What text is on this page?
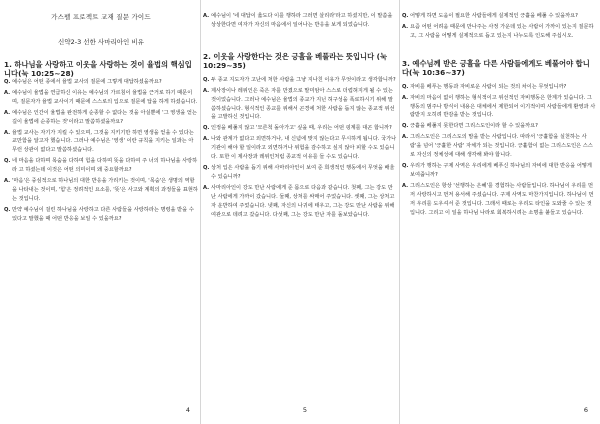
가스펠 프로젝트 교재 질문 가이드
신약2-3 선한 사마리아인 비유
1. 하나님을 사랑하고 이웃을 사랑하는 것이 율법의 핵심입니다(눅 10:25~28)

Q. 예수님은 어떤 종에서 율법 교사의 질문에 그렇게 대답하셨을까요?

A. 예수님이 율법을 연급하신 이유는 예수님의 가르침이 율법을 근거로 하기 때문이며, 질문자가 율법 교사이기 때문에 스스로의 입으로 질문에 답을 하게 하셨습니다.

A. 예수님은 인간이 율법을 완전하게 순종할 수 없다는 것을 아실뿐에 '그 영생을 얻는 길이 율법에 순종하는 것'이라고 말씀하셨을까요?

A. 율법 교사는 자기가 지킬 수 있으며, 그것을 지키기만 하면 영생을 얻을 수 있다는 교만함을 알고자 했습니다. 그러나 예수님은 '영생' 이란 규칙을 지키는 일과는 아무런 상관이 없다고 말씀하셨습니다.

Q. 네 마음을 다하며 목숨을 다하며 힘을 다하며 뜻을 다하여 주 너의 하나님을 사랑하라 고 하셨는데 이것은 어떤 의미이며 왜 중요할까요?

A. '마음'은 중심적으로 하나님의 대한 반응을 가리키는 것이며, '목숨'은 생명의 역할을 나타내는 것이며, '힘'은 정려적인 요소를, '뜻'은 사고와 계획의 과정들을 표현하는 것입니다.

Q. 만약 예수님이 걸린 하나님을 사랑하고 다른 사람들을 사랑하라는 명령을 받을 수 있다고 말했을 때 어떤 반응을 보일 수 있을까요?

4

A. 예수님이 '네 대답이 옳도다 이를 행하라 그러면 살리라'라고 하셨지만, 이 말씀을 상상한다면 여자가 자신의 마음에서 일어나는 반응을 보게 되었습니다.

2. 이웃을 사랑한다는 것은 긍휼을 베풀라는 뜻입니다 (눅 10:29~35)

Q. 두 종교 지도자가 고난에 처한 사람을 그냥 지나친 이유가 무엇이라고 생각합니까?

A. 제사장이나 레위인은 죽은 자를 만졌으로 말미암아 스스로 더럽혀지게 될 수 있는 것이었습니다. 그러나 예수님은 율법의 종교가 지닌 허구성을 폭로하시기 위해 말씀하셨습니다. 형식적인 종교를 위해서 곤경에 처한 사람을 돕지 않는 종교적 위선을 고발하신 것입니다.

Q. 인정을 베풀지 않고 '모른척 돌아가고' 싶을 때, 우리는 어떤 핑계를 대곤 합니까?

A. 나와 관계가 없다고 외면하거나, 내 신념에 맞지 않는다고 무시하게 됩니다. 국가나 기관이 해야 할 일이라고 외면하거나 위험을 감수하고 싶지 않아 피할 수도 있습니다. 또한 이 제사장과 레위인처럼 종교적 이유를 들 수도 있습니다.

Q. 상처 입은 사람을 돕기 위해 사마리아인이 보여 준 희생적인 행동에서 무엇을 배울 수 있습니까?

A. 사마리아인이 강도 만난 사람에게 준 몸으로 다음과 같습니다. 첫째, 그는 강도 만난 사람에게 가까이 갔습니다. 둘째, 상처를 싸매어 주었습니다. 셋째, 그는 상처고자 운반하여 주었습니다. 넷째, 자신의 나귀에 태우고, 그는 강도 만난 사람을 위해 여관으로 데려고 갔습니다. 다섯째, 그는 강도 만난 자를 돌보았습니다.

5

Q. 어떻게 하면 도움이 필요한 사람들에게 실제적인 긍휼을 베풀 수 있을까요?

A. 요즘 어떤 어려움 때문에 만나주는 사정 가운데 있는 사람이 가까이 있는지 질문하고, 그 사람을 어떻게 실제적으로 돕고 있는지 나누도록 인도해 주십시오.

3. 예수님께 받은 긍휼을 다른 사람들에게도 베풀어야 합니다(눅 10:36~37)

Q. 자비를 베푸는 행동과 자비로운 사람이 되는 것의 차이는 무엇입니까?

A. 자비의 마음이 없이 행하는 형식적이고 위선적인 자비행동은 한계가 있습니다. 그 행동의 범주나 방식이 내용은 대체에서 제한되어 이기적이며 사람들에게 환영과 사람받지 오히려 반감을 받는 것입니다.

Q. 긍휼을 베풀지 못한다면 그리스도인이라 할 수 있을까요?

A. 그리스도인은 그리스도의 맘을 받는 사람입니다. 따라서 '긍휼함을 실천하는 사람'을 넘어 '긍휼한 사람' 자체가 되는 것입니다. 긍휼함이 없는 그리스도인은 스스로 자신의 정체성에 대해 생각해 봐야 합니다.

Q. 우리가 행하는 구제 사역은 우리에게 베푸신 하나님의 자비에 대한 반응을 어떻게 보여줍니까?

A. 그리스도인은 항상 '선행하는 은혜'를 경험하는 사람들입니다. 하나님이 우리를 먼저 사랑하시고 먼저 용서해 주셨습니다. 구제 사역도 마찬가지입니다. 하나님이 먼저 우리를 도우셔서 준 것입니다. 그래서 때로는 우리도 타인을 도와줄 수 있는 것입니다. 그리고 이 일을 하나님 나라로 회복하시려는 소명을 붙들고 있습니다.

6
